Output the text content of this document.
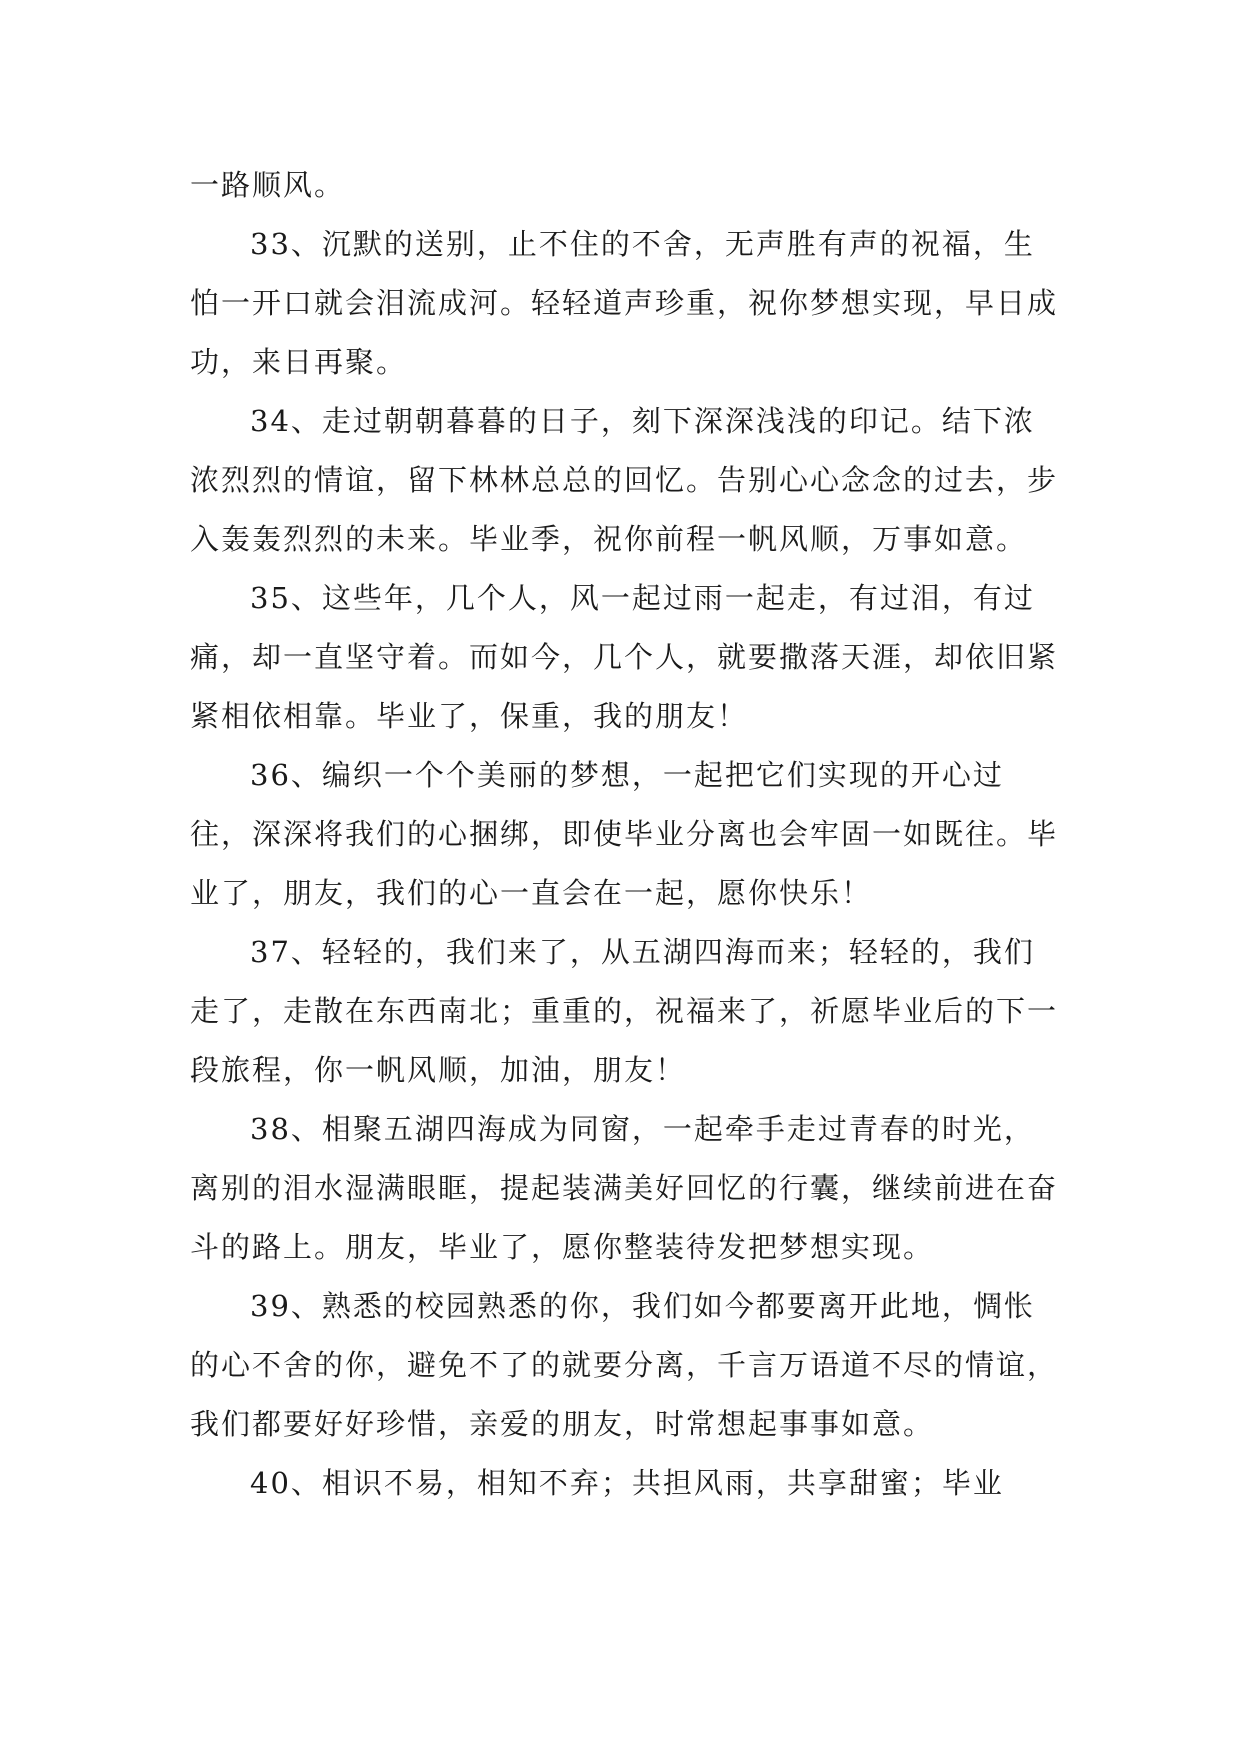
一路顺风。

33、沉默的送别，止不住的不舍，无声胜有声的祝福，生怕一开口就会泪流成河。轻轻道声珍重，祝你梦想实现，早日成功，来日再聚。

34、走过朝朝暮暮的日子，刻下深深浅浅的印记。结下浓浓烈烈的情谊，留下林林总总的回忆。告别心心念念的过去，步入轰轰烈烈的未来。毕业季，祝你前程一帆风顺，万事如意。

35、这些年，几个人，风一起过雨一起走，有过泪，有过痛，却一直坚守着。而如今，几个人，就要撒落天涯，却依旧紧紧相依相靠。毕业了，保重，我的朋友！

36、编织一个个美丽的梦想，一起把它们实现的开心过往，深深将我们的心捆绑，即使毕业分离也会牢固一如既往。毕业了，朋友，我们的心一直会在一起，愿你快乐！

37、轻轻的，我们来了，从五湖四海而来；轻轻的，我们走了，走散在东西南北；重重的，祝福来了，祈愿毕业后的下一段旅程，你一帆风顺，加油，朋友！

38、相聚五湖四海成为同窗，一起牵手走过青春的时光，离别的泪水湿满眼眶，提起装满美好回忆的行囊，继续前进在奋斗的路上。朋友，毕业了，愿你整装待发把梦想实现。

39、熟悉的校园熟悉的你，我们如今都要离开此地，惆怅的心不舍的你，避免不了的就要分离，千言万语道不尽的情谊，我们都要好好珍惜，亲爱的朋友，时常想起事事如意。

40、相识不易，相知不弃；共担风雨，共享甜蜜；毕业
